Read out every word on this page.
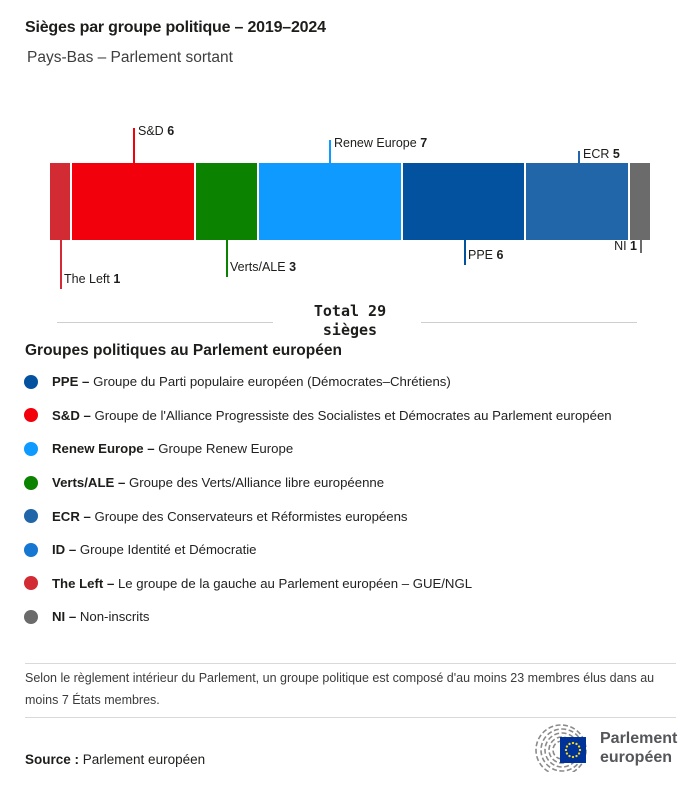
Sièges par groupe politique – 2019–2024
Pays-Bas – Parlement sortant
S&D 6
Renew Europe 7
ECR 5
The Left 1
Verts/ALE 3
PPE 6
NI 1
Total 29
sièges
Groupes politiques au Parlement européen
PPE – Groupe du Parti populaire européen (Démocrates–Chrétiens)
S&D – Groupe de l'Alliance Progressiste des Socialistes et Démocrates au Parlement européen
Renew Europe – Groupe Renew Europe
Verts/ALE – Groupe des Verts/Alliance libre européenne
ECR – Groupe des Conservateurs et Réformistes européens
ID – Groupe Identité et Démocratie
The Left – Le groupe de la gauche au Parlement européen – GUE/NGL
NI – Non-inscrits
Selon le règlement intérieur du Parlement, un groupe politique est composé d'au moins 23 membres élus dans au moins 7 États membres.
Source : Parlement européen
Parlement
européen
